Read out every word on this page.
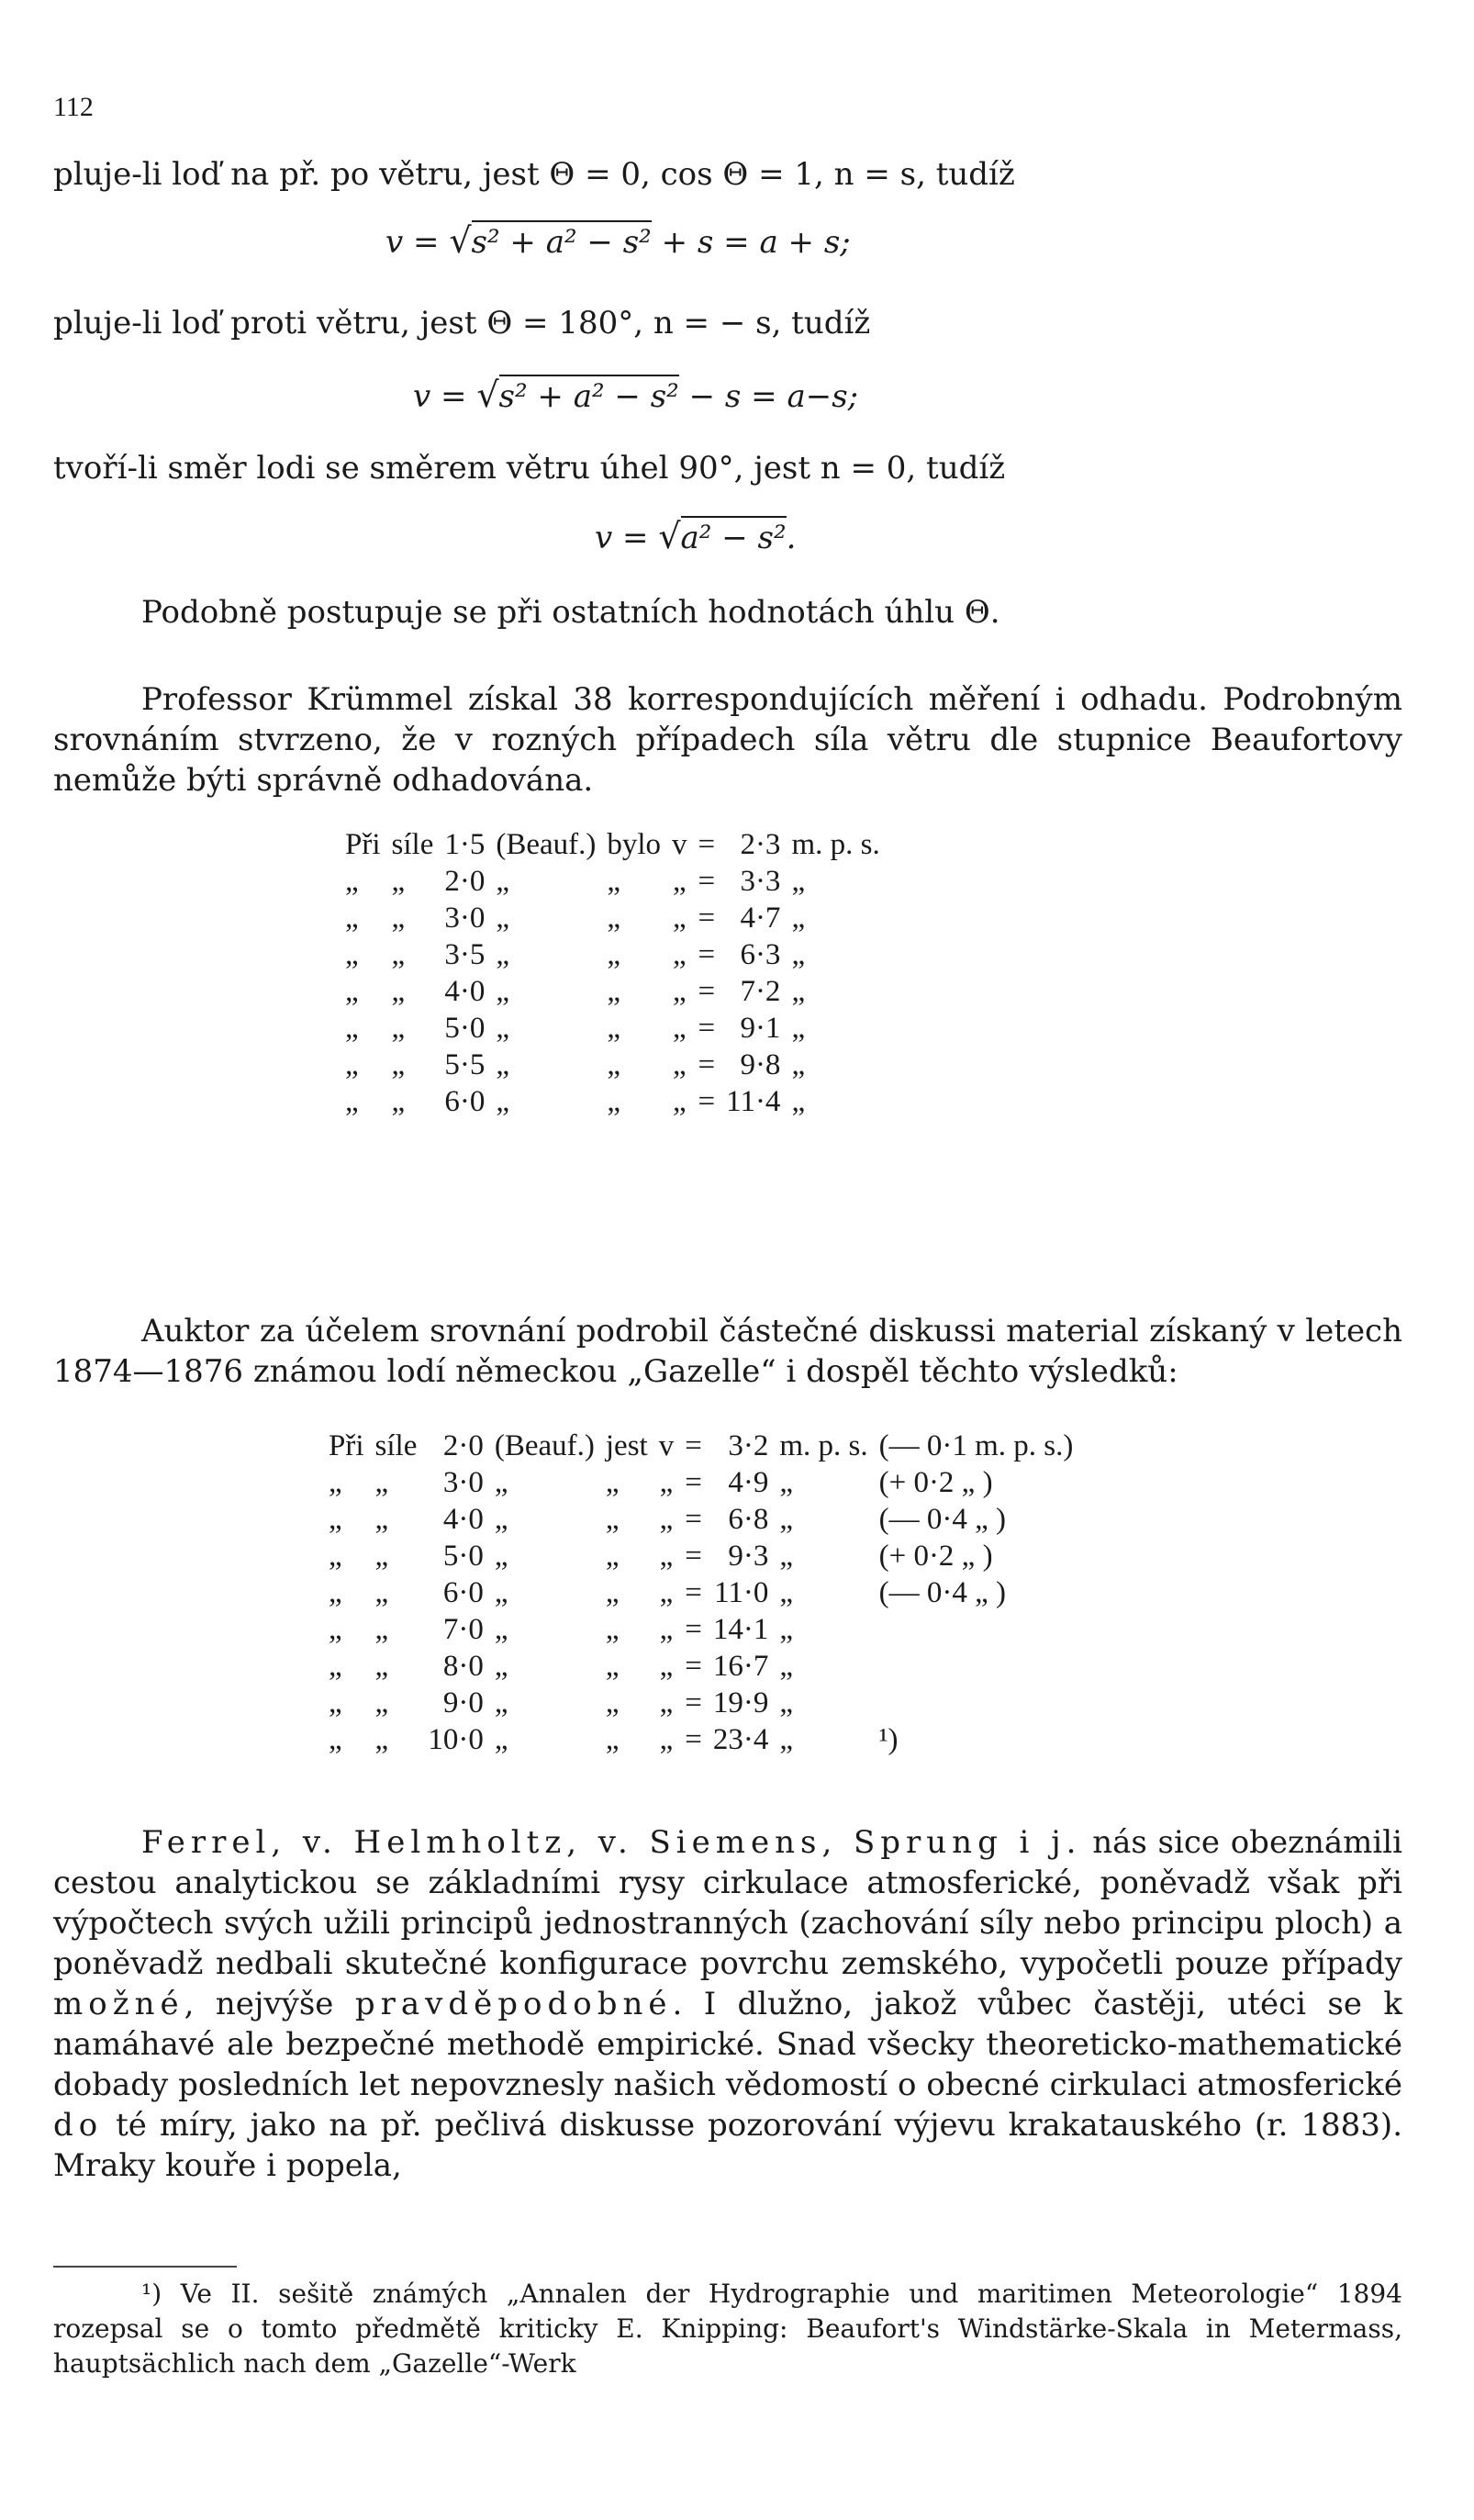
112

pluje-li loď na př. po větru, jest Θ = 0, cos Θ = 1, n = s, tudíž

v = √s² + a² − s² + s = a + s;

pluje-li loď proti větru, jest Θ = 180°, n = − s, tudíž

v = √s² + a² − s² − s = a−s;

tvoří-li směr lodi se směrem větru úhel 90°, jest n = 0, tudíž

v = √a² − s².

Podobně postupuje se při ostatních hodnotách úhlu Θ.

Professor Krümmel získal 38 korrespondujících měření i odhadu. Podrobným srovnáním stvrzeno, že v rozných případech síla větru dle stupnice Beaufortovy nemůže býti správně odhadována.

Při	síle	1·5	(Beauf.)	bylo	v	=	2·3	m. p. s.
„	„	2·0	„	„	„	=	3·3	„
„	„	3·0	„	„	„	=	4·7	„
„	„	3·5	„	„	„	=	6·3	„
„	„	4·0	„	„	„	=	7·2	„
„	„	5·0	„	„	„	=	9·1	„
„	„	5·5	„	„	„	=	9·8	„
„	„	6·0	„	„	„	=	11·4	„

Auktor za účelem srovnání podrobil částečné diskussi material získaný v letech 1874—1876 známou lodí německou „Gazelle“ i dospěl těchto výsledků:

Při	síle	2·0	(Beauf.)	jest	v	=	3·2	m. p. s.	(— 0·1 m. p. s.)
„	„	3·0	„	„	„	=	4·9	„	(+ 0·2 „ )
„	„	4·0	„	„	„	=	6·8	„	(— 0·4 „ )
„	„	5·0	„	„	„	=	9·3	„	(+ 0·2 „ )
„	„	6·0	„	„	„	=	11·0	„	(— 0·4 „ )
„	„	7·0	„	„	„	=	14·1	„	
„	„	8·0	„	„	„	=	16·7	„	
„	„	9·0	„	„	„	=	19·9	„	
„	„	10·0	„	„	„	=	23·4	„	¹)

Ferrel, v. Helmholtz, v. Siemens, Sprung i j. nás sice obeznámili cestou analytickou se základními rysy cirkulace atmosferické, poněvadž však při výpočtech svých užili principů jednostranných (zachování síly nebo principu ploch) a poněvadž nedbali skutečné konfigurace povrchu zemského, vypočetli pouze případy možné, nejvýše pravděpodobné. I dlužno, jakož vůbec častěji, utéci se k namáhavé ale bezpečné methodě empirické. Snad všecky theoreticko-mathematické dobady posledních let nepovznesly našich vědomostí o obecné cirkulaci atmosferické do té míry, jako na př. pečlivá diskusse pozorování výjevu krakatauského (r. 1883). Mraky kouře i popela,

¹) Ve II. sešitě známých „Annalen der Hydrographie und maritimen Meteorologie“ 1894 rozepsal se o tomto předmětě kriticky E. Knipping: Beaufort's Windstärke-Skala in Metermass, hauptsächlich nach dem „Gazelle“-Werk
